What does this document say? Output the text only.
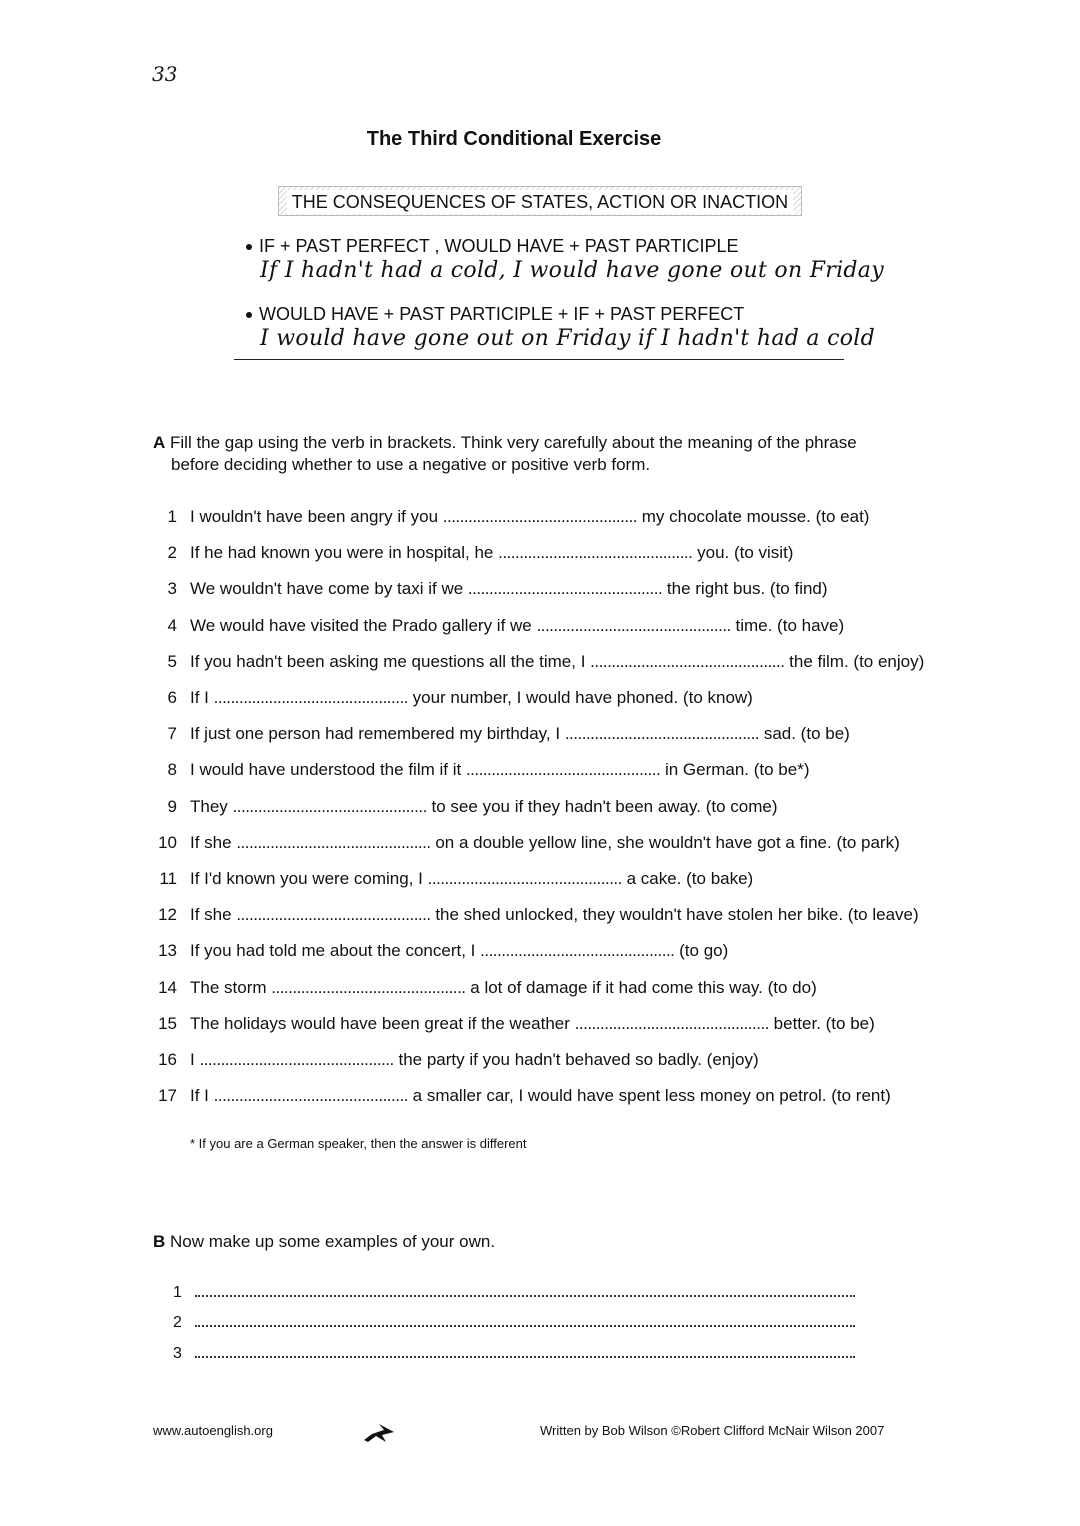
33
The Third Conditional Exercise
THE CONSEQUENCES OF STATES, ACTION OR INACTION
IF + PAST PERFECT , WOULD HAVE + PAST PARTICIPLE
If I hadn't had a cold, I would have gone out on Friday
WOULD HAVE + PAST PARTICIPLE + IF + PAST PERFECT
I would have gone out on Friday if I hadn't had a cold
A Fill the gap using the verb in brackets. Think very carefully about the meaning of the phrase
before deciding whether to use a negative or positive verb form.
1 I wouldn't have been angry if you .............................................. my chocolate mousse. (to eat)
2 If he had known you were in hospital, he .............................................. you. (to visit)
3 We wouldn't have come by taxi if we .............................................. the right bus. (to find)
4 We would have visited the Prado gallery if we .............................................. time. (to have)
5 If you hadn't been asking me questions all the time, I .............................................. the film. (to enjoy)
6 If I .............................................. your number, I would have phoned. (to know)
7 If just one person had remembered my birthday, I .............................................. sad. (to be)
8 I would have understood the film if it .............................................. in German. (to be*)
9 They .............................................. to see you if they hadn't been away. (to come)
10 If she .............................................. on a double yellow line, she wouldn't have got a fine. (to park)
11 If I'd known you were coming, I .............................................. a cake. (to bake)
12 If she .............................................. the shed unlocked, they wouldn't have stolen her bike. (to leave)
13 If you had told me about the concert, I .............................................. (to go)
14 The storm .............................................. a lot of damage if it had come this way. (to do)
15 The holidays would have been great if the weather .............................................. better. (to be)
16 I .............................................. the party if you hadn't behaved so badly. (enjoy)
17 If I .............................................. a smaller car, I would have spent less money on petrol. (to rent)
* If you are a German speaker, then the answer is different
B Now make up some examples of your own.
1
2
3
www.autoenglish.org	Written by Bob Wilson ©Robert Clifford McNair Wilson 2007
